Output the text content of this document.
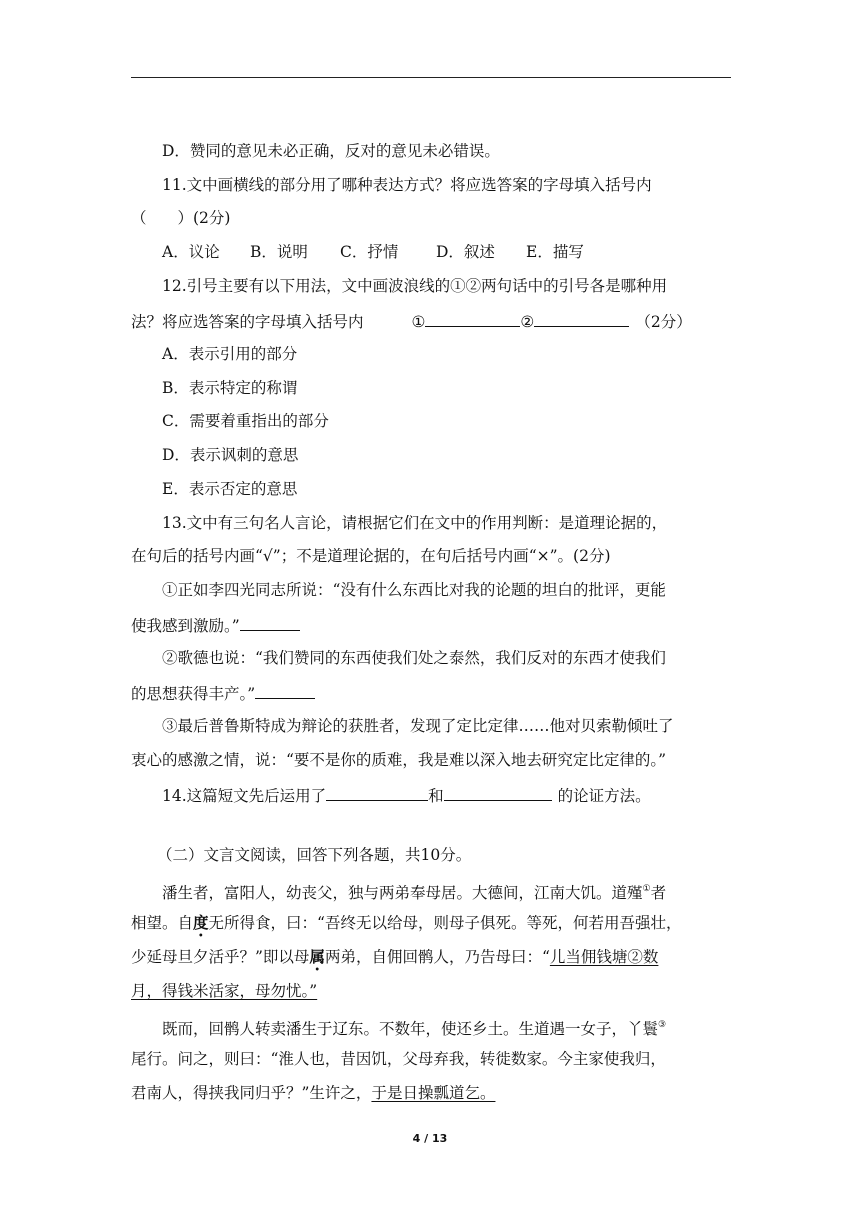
D．赞同的意见未必正确，反对的意见未必错误。
11.文中画横线的部分用了哪种表达方式？将应选答案的字母填入括号内
（　　）(2分)
A．议论 B．说明 C．抒情 D．叙述 E．描写
12.引号主要有以下用法，文中画波浪线的①②两句话中的引号各是哪种用
法？将应选答案的字母填入括号内	①	②	（2分）
A．表示引用的部分
B．表示特定的称谓
C．需要着重指出的部分
D．表示讽刺的意思
E．表示否定的意思
13.文中有三句名人言论，请根据它们在文中的作用判断：是道理论据的，
在句后的括号内画“√”；不是道理论据的，在句后括号内画“×”。(2分)
①正如李四光同志所说：“没有什么东西比对我的论题的坦白的批评，更能
使我感到激励。”
②歌德也说：“我们赞同的东西使我们处之泰然，我们反对的东西才使我们
的思想获得丰产。”
③最后普鲁斯特成为辩论的获胜者，发现了定比定律……他对贝索勒倾吐了
衷心的感激之情，说：“要不是你的质难，我是难以深入地去研究定比定律的。”
14.这篇短文先后运用了	和	的论证方法。
（二）文言文阅读，回答下列各题，共10分。
潘生者，富阳人，幼丧父，独与两弟奉母居。大德间，江南大饥。道殣①者
相望。自度无所得食，曰：“吾终无以给母，则母子俱死。等死，何若用吾强壮，
少延母旦夕活乎？”即以母属两弟，自佣回鹘人，乃告母曰：“儿当佣钱塘②数
月，得钱米活家，母勿忧。”
既而，回鹘人转卖潘生于辽东。不数年，使还乡土。生道遇一女子，丫鬟③
尾行。问之，则曰：“淮人也，昔因饥，父母弃我，转徙数家。今主家使我归，
君南人，得挟我同归乎？”生许之，于是日操瓢道乞。
4 / 13
